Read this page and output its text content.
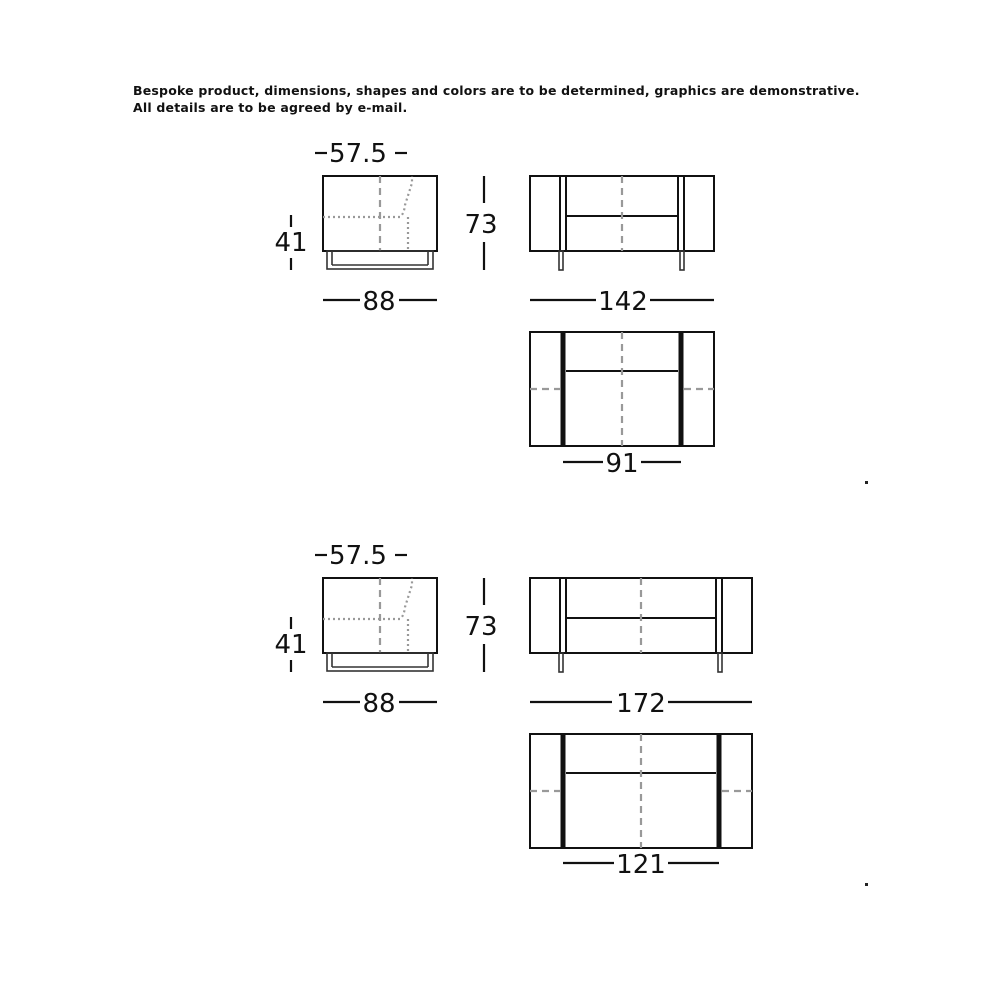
Bespoke product, dimensions, shapes and colors are to be determined, graphics are demonstrative.
All details are to be agreed by e-mail.
57.5
41
88
73
142
91
57.5
41
88
73
172
121
